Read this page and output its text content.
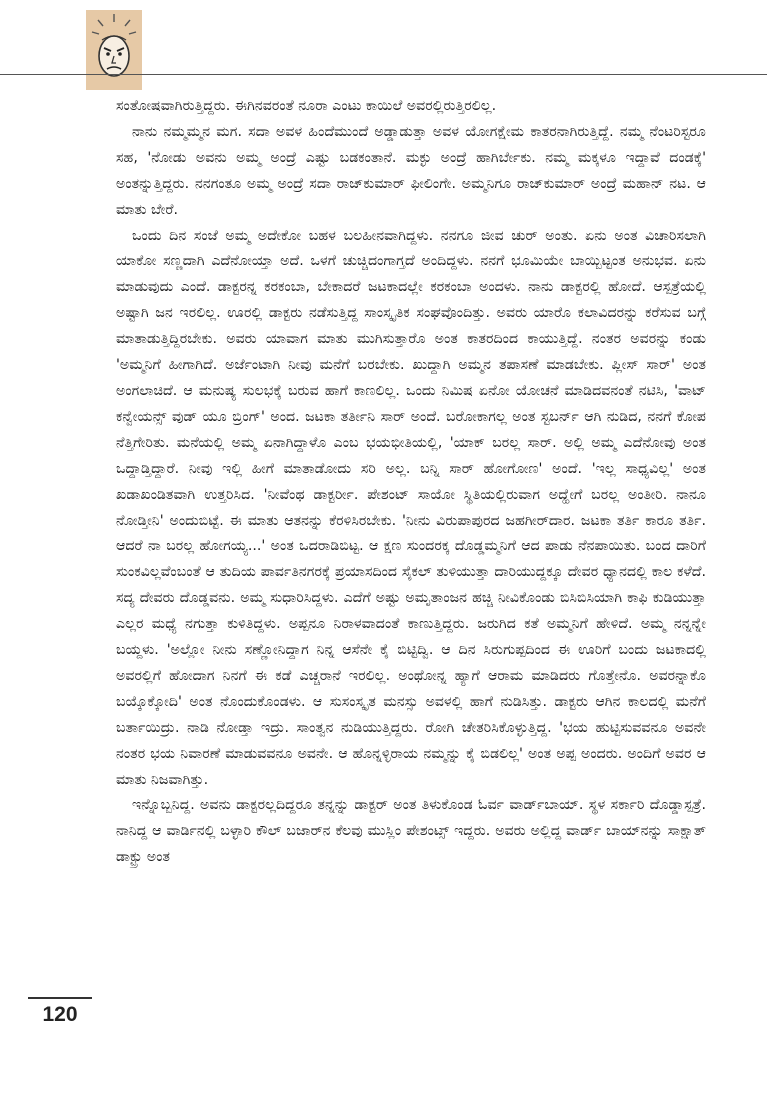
ಸಂತೋಷವಾಗಿರುತ್ತಿದ್ದರು. ಈಗಿನವರಂತೆ ನೂರಾ ಎಂಟು ಕಾಯಿಲೆ ಅವರಲ್ಲಿರುತ್ತಿರಲಿಲ್ಲ.

ನಾನು ನಮ್ಮಮ್ಮನ ಮಗ. ಸದಾ ಅವಳ ಹಿಂದೆಮುಂದೆ ಅಡ್ಡಾಡುತ್ತಾ ಅವಳ ಯೋಗಕ್ಷೇಮ ಕಾತರನಾಗಿರುತ್ತಿದ್ದೆ. ನಮ್ಮ ನೆಂಟರಿಸ್ಟರೂ ಸಹ, 'ನೋಡು ಅವನು ಅಮ್ಮ ಅಂದ್ರೆ ಎಷ್ಟು ಬಡಕಂತಾನೆ. ಮಕ್ಳು ಅಂದ್ರೆ ಹಾಗಿರ್ಬೇಕು. ನಮ್ಮ ಮಕ್ಕಳೂ ಇದ್ದಾವೆ ದಂಡಕ್ಕೆ' ಅಂತನ್ನುತ್ತಿದ್ದರು. ನನಗಂತೂ ಅಮ್ಮ ಅಂದ್ರೆ ಸದಾ ರಾಜ್‌ಕುಮಾರ್ ಫೀಲಿಂಗೇ. ಅಮ್ಮನಿಗೂ ರಾಜ್‌ಕುಮಾರ್ ಅಂದ್ರೆ ಮಹಾನ್ ನಟ. ಆ ಮಾತು ಬೇರೆ.

ಒಂದು ದಿನ ಸಂಜೆ ಅಮ್ಮ ಅದೇಕೋ ಬಹಳ ಬಲಹೀನವಾಗಿದ್ದಳು. ನನಗೂ ಜೀವ ಚುರ್ ಅಂತು. ಏನು ಅಂತ ವಿಚಾರಿಸಲಾಗಿ ಯಾಕೋ ಸಣ್ಣದಾಗಿ ಎದೆನೋಯ್ತಾ ಅದೆ. ಒಳಗೆ ಚುಚ್ಚಿದಂಗಾಗ್ತದೆ ಅಂದಿದ್ದಳು. ನನಗೆ ಭೂಮಿಯೇ ಬಾಯ್ಬಿಟ್ಟಂತ ಅನುಭವ. ಏನು ಮಾಡುವುದು ಎಂದೆ. ಡಾಕ್ಟರನ್ನ ಕರಕಂಬಾ, ಬೇಕಾದರೆ ಜಟಕಾದಲ್ಲೇ ಕರಕಂಬಾ ಅಂದಳು. ನಾನು ಡಾಕ್ಟರಲ್ಲಿ ಹೋದೆ. ಆಸ್ಪತ್ರೆಯಲ್ಲಿ ಅಷ್ಟಾಗಿ ಜನ ಇರಲಿಲ್ಲ. ಊರಲ್ಲಿ ಡಾಕ್ಟರು ನಡೆಸುತ್ತಿದ್ದ ಸಾಂಸ್ಕೃತಿಕ ಸಂಘವೊಂದಿತ್ತು. ಅವರು ಯಾರೊ ಕಲಾವಿದರನ್ನು ಕರೆಸುವ ಬಗ್ಗೆ ಮಾತಾಡುತ್ತಿದ್ದಿರಬೇಕು. ಅವರು ಯಾವಾಗ ಮಾತು ಮುಗಿಸುತ್ತಾರೊ ಅಂತ ಕಾತರದಿಂದ ಕಾಯುತ್ತಿದ್ದೆ. ನಂತರ ಅವರನ್ನು ಕಂಡು 'ಅಮ್ಮನಿಗೆ ಹೀಗಾಗಿದೆ. ಅರ್ಜೆಂಟಾಗಿ ನೀವು ಮನೆಗೆ ಬರಬೇಕು. ಖುದ್ದಾಗಿ ಅಮ್ಮನ ತಪಾಸಣೆ ಮಾಡಬೇಕು. ಪ್ಲೀಸ್ ಸಾರ್' ಅಂತ ಅಂಗಲಾಚಿದೆ. ಆ ಮನುಷ್ಯ ಸುಲಭಕ್ಕೆ ಬರುವ ಹಾಗೆ ಕಾಣಲಿಲ್ಲ. ಒಂದು ನಿಮಿಷ ಏನೋ ಯೋಚನೆ ಮಾಡಿದವನಂತೆ ನಟಿಸಿ, 'ವಾಟ್ ಕನ್ವೇಯನ್ಸ್ ವುಡ್ ಯೂ ಬ್ರಿಂಗ್' ಅಂದ. ಜಟಕಾ ತರ್ತೀನಿ ಸಾರ್ ಅಂದೆ. ಬರೋಕಾಗಲ್ಲ ಅಂತ ಸ್ಟಬರ್ನ್ ಆಗಿ ನುಡಿದ, ನನಗೆ ಕೋಪ ನೆತ್ತಿಗೇರಿತು. ಮನೆಯಲ್ಲಿ ಅಮ್ಮ ಏನಾಗಿದ್ದಾಳೊ ಎಂಬ ಭಯಭೀತಿಯಲ್ಲಿ, 'ಯಾಕ್ ಬರಲ್ಲ ಸಾರ್. ಅಲ್ಲಿ ಅಮ್ಮ ಎದೆನೋವು ಅಂತ ಒದ್ದಾಡ್ತಿದ್ದಾರೆ. ನೀವು ಇಲ್ಲಿ ಹೀಗೆ ಮಾತಾಡೋದು ಸರಿ ಅಲ್ಲ. ಬನ್ನಿ ಸಾರ್ ಹೋಗೋಣ' ಅಂದೆ. 'ಇಲ್ಲ ಸಾಧ್ಯವಿಲ್ಲ' ಅಂತ ಖಡಾಖಂಡಿತವಾಗಿ ಉತ್ತರಿಸಿದ. 'ನೀವೆಂಥ ಡಾಕ್ಟರ್ರೀ. ಪೇಶಂಟ್ ಸಾಯೋ ಸ್ಥಿತಿಯಲ್ಲಿರುವಾಗ ಅದ್ಹೇಗೆ ಬರಲ್ಲ ಅಂತೀರಿ. ನಾನೂ ನೋಡ್ತೀನಿ' ಅಂದುಬಿಟ್ಟೆ. ಈ ಮಾತು ಆತನನ್ನು ಕೆರಳಿಸಿರಬೇಕು. 'ನೀನು ವಿರುಪಾಪುರದ ಜಹಗೀರ್‌ದಾರ. ಜಟಕಾ ತರ್ತಿ ಕಾರೂ ತರ್ತಿ. ಆದರೆ ನಾ ಬರಲ್ಲ ಹೋಗಯ್ಯ...' ಅಂತ ಒದರಾಡಿಬಿಟ್ಟ. ಆ ಕ್ಷಣ ಸುಂದರಕ್ಕ ದೊಡ್ಡಮ್ಮನಿಗೆ ಆದ ಪಾಡು ನೆನಪಾಯಿತು. ಬಂದ ದಾರಿಗೆ ಸುಂಕವಿಲ್ಲವೆಂಬಂತೆ ಆ ತುದಿಯ ಪಾರ್ವತಿನಗರಕ್ಕೆ ಪ್ರಯಾಸದಿಂದ ಸೈಕಲ್ ತುಳಿಯುತ್ತಾ ದಾರಿಯುದ್ದಕ್ಕೂ ದೇವರ ಧ್ಯಾನದಲ್ಲಿ ಕಾಲ ಕಳೆದೆ. ಸದ್ಯ ದೇವರು ದೊಡ್ಡವನು. ಅಮ್ಮ ಸುಧಾರಿಸಿದ್ದಳು. ಎದೆಗೆ ಅಷ್ಟು ಅಮೃತಾಂಜನ ಹಚ್ಚಿ ನೀವಿಕೊಂಡು ಬಿಸಿಬಿಸಿಯಾಗಿ ಕಾಫಿ ಕುಡಿಯುತ್ತಾ ಎಲ್ಲರ ಮಧ್ಯೆ ನಗುತ್ತಾ ಕುಳಿತಿದ್ದಳು. ಅಪ್ಪನೂ ನಿರಾಳವಾದಂತೆ ಕಾಣುತ್ತಿದ್ದರು. ಜರುಗಿದ ಕತೆ ಅಮ್ಮನಿಗೆ ಹೇಳಿದೆ. ಅಮ್ಮ ನನ್ನನ್ನೇ ಬಯ್ದಳು. 'ಅಲ್ಲೋ ನೀನು ಸಣ್ಣೋನಿದ್ದಾಗ ನಿನ್ನ ಆಸೆನೇ ಕೈ ಬಿಟ್ಟಿದ್ವಿ. ಆ ದಿನ ಸಿರುಗುಪ್ಪದಿಂದ ಈ ಊರಿಗೆ ಬಂದು ಜಟಕಾದಲ್ಲಿ ಅವರಲ್ಲಿಗೆ ಹೋದಾಗ ನಿನಗೆ ಈ ಕಡೆ ಎಚ್ಚರಾನೆ ಇರಲಿಲ್ಲ. ಅಂಥೋನ್ನ ಹ್ಯಾಗೆ ಆರಾಮ ಮಾಡಿದರು ಗೊತ್ತೇನೊ. ಅವರನ್ನಾಕೊ ಬಯ್ಕೊಕ್ಕೋದಿ' ಅಂತ ನೊಂದುಕೊಂಡಳು. ಆ ಸುಸಂಸ್ಕೃತ ಮನಸ್ಸು ಅವಳಲ್ಲಿ ಹಾಗೆ ನುಡಿಸಿತ್ತು. ಡಾಕ್ಟರು ಆಗಿನ ಕಾಲದಲ್ಲಿ ಮನೆಗೆ ಬರ್ತಾಯಿದ್ರು. ನಾಡಿ ನೋಡ್ತಾ ಇದ್ರು. ಸಾಂತ್ವನ ನುಡಿಯುತ್ತಿದ್ದರು. ರೋಗಿ ಚೇತರಿಸಿಕೊಳ್ಳುತ್ತಿದ್ದ. 'ಭಯ ಹುಟ್ಟಿಸುವವನೂ ಅವನೇ ನಂತರ ಭಯ ನಿವಾರಣೆ ಮಾಡುವವನೂ ಅವನೇ. ಆ ಹೊನ್ನಳ್ಳಿರಾಯ ನಮ್ಮನ್ನು ಕೈ ಬಿಡಲಿಲ್ಲ' ಅಂತ ಅಪ್ಪ ಅಂದರು. ಅಂದಿಗೆ ಅವರ ಆ ಮಾತು ನಿಜವಾಗಿತ್ತು.

ಇನ್ನೊಬ್ಬನಿದ್ದ. ಅವನು ಡಾಕ್ಟರಲ್ಲದಿದ್ದರೂ ತನ್ನನ್ನು ಡಾಕ್ಟರ್ ಅಂತ ತಿಳುಕೊಂಡ ಓರ್ವ ವಾರ್ಡ್‌ಬಾಯ್. ಸ್ಥಳ ಸರ್ಕಾರಿ ದೊಡ್ಡಾಸ್ಪತ್ರೆ. ನಾನಿದ್ದ ಆ ವಾರ್ಡಿನಲ್ಲಿ ಬಳ್ಳಾರಿ ಕೌಲ್ ಬಜಾರ್‌ನ ಕೆಲವು ಮುಸ್ಲಿಂ ಪೇಶಂಟ್ಸ್ ಇದ್ದರು. ಅವರು ಅಲ್ಲಿದ್ದ ವಾರ್ಡ್ ಬಾಯ್‌ನನ್ನು ಸಾಕ್ಷಾತ್ ಡಾಕ್ಟ್ರು ಅಂತ

120
